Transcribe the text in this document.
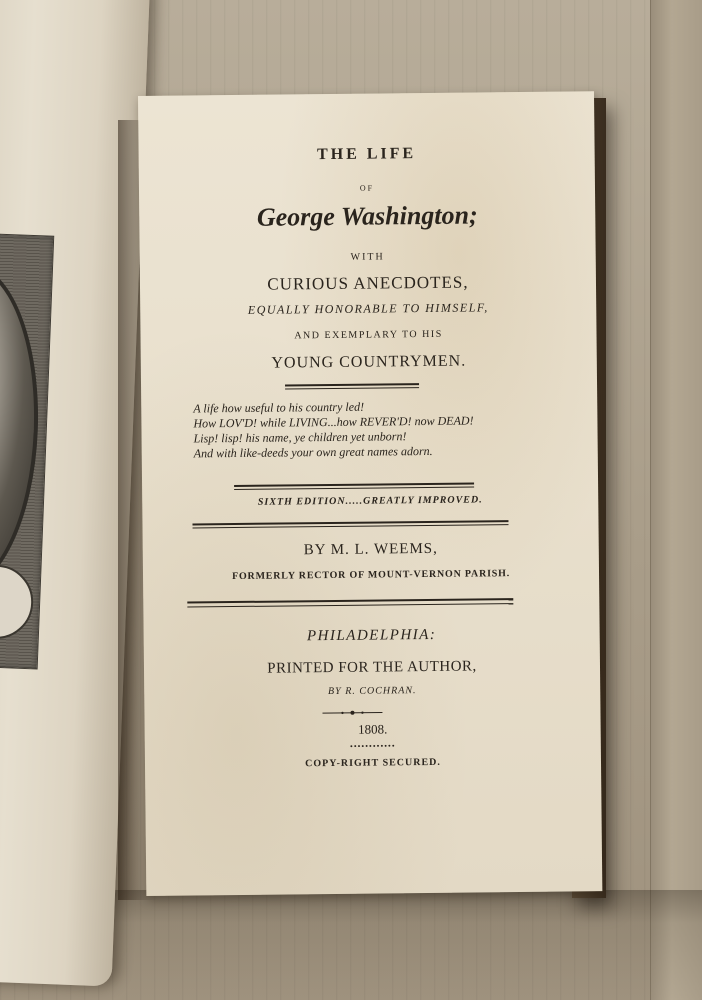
THE LIFE
OF
George Washington;
WITH
CURIOUS ANECDOTES,
EQUALLY HONORABLE TO HIMSELF,
AND EXEMPLARY TO HIS
YOUNG COUNTRYMEN.
A life how useful to his country led!
How LOV'D! while LIVING...how REVER'D! now DEAD!
Lisp! lisp! his name, ye children yet unborn!
And with like-deeds your own great names adorn.
SIXTH EDITION.....GREATLY IMPROVED.
BY M. L. WEEMS,
FORMERLY RECTOR OF MOUNT-VERNON PARISH.
PHILADELPHIA:
PRINTED FOR THE AUTHOR,
BY R. COCHRAN.
1808.
••••••••••••
COPY-RIGHT SECURED.
